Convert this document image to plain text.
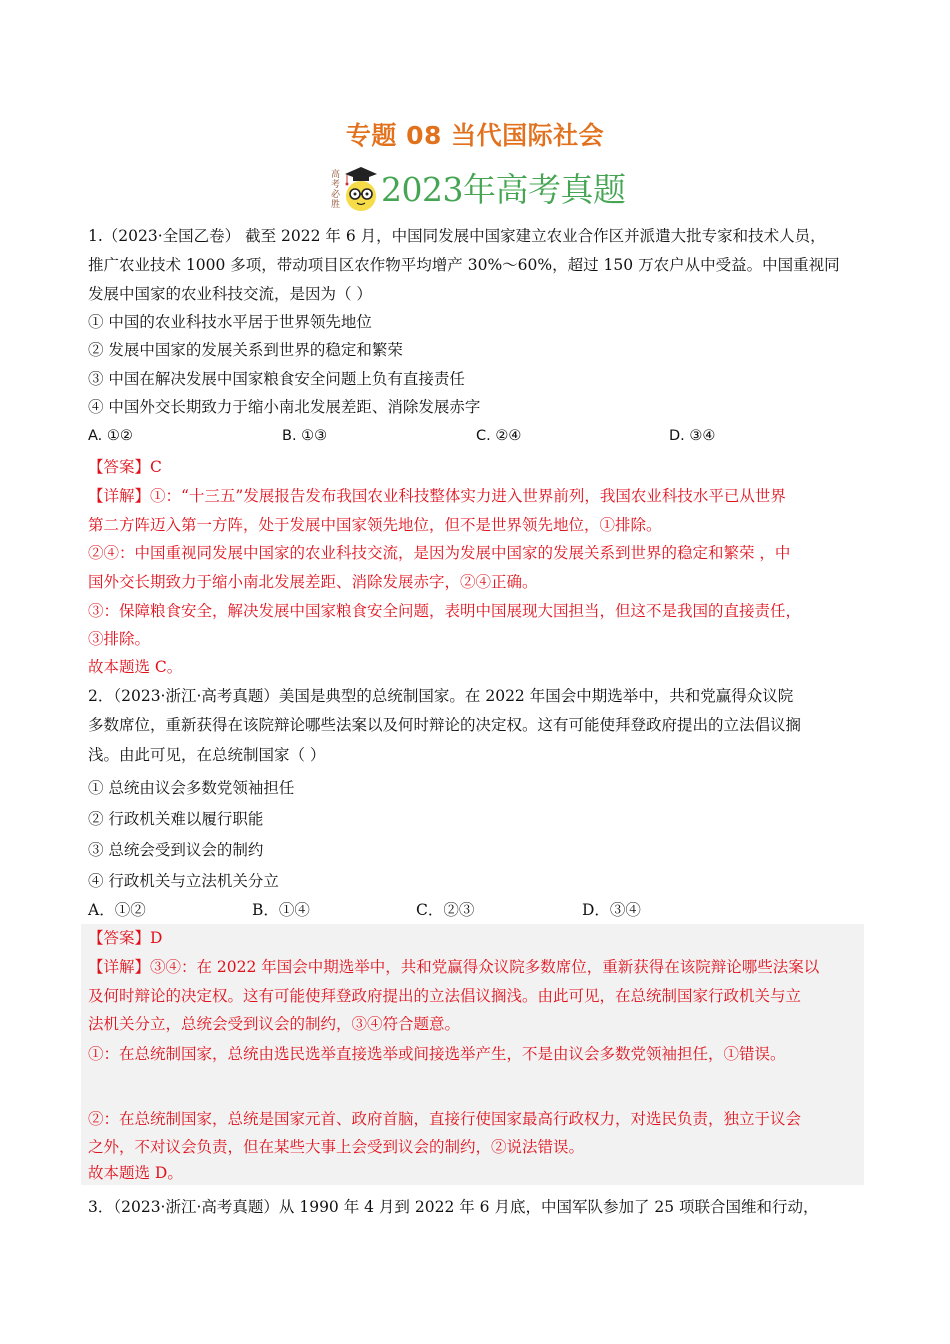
专题 08 当代国际社会
高
考
必
胜 2023年高考真题
1.（2023·全国乙卷） 截至 2022 年 6 月，中国同发展中国家建立农业合作区并派遣大批专家和技术人员，
推广农业技术 1000 多项，带动项目区农作物平均增产 30%～60%，超过 150 万农户从中受益。中国重视同
发展中国家的农业科技交流，是因为（ ）
① 中国的农业科技水平居于世界领先地位
② 发展中国家的发展关系到世界的稳定和繁荣
③ 中国在解决发展中国家粮食安全问题上负有直接责任
④ 中国外交长期致力于缩小南北发展差距、消除发展赤字
A. ①②	B. ①③	C. ②④	D. ③④
【答案】C
【详解】①：“十三五”发展报告发布我国农业科技整体实力进入世界前列，我国农业科技水平已从世界
第二方阵迈入第一方阵，处于发展中国家领先地位，但不是世界领先地位，①排除。
②④：中国重视同发展中国家的农业科技交流，是因为发展中国家的发展关系到世界的稳定和繁荣 ，中
国外交长期致力于缩小南北发展差距、消除发展赤字，②④正确。
③：保障粮食安全，解决发展中国家粮食安全问题，表明中国展现大国担当，但这不是我国的直接责任，
③排除。
故本题选 C。
2．（2023·浙江·高考真题）美国是典型的总统制国家。在 2022 年国会中期选举中，共和党赢得众议院
多数席位，重新获得在该院辩论哪些法案以及何时辩论的决定权。这有可能使拜登政府提出的立法倡议搁
浅。由此可见，在总统制国家（ ）
① 总统由议会多数党领袖担任
② 行政机关难以履行职能
③ 总统会受到议会的制约
④ 行政机关与立法机关分立
A．①②	B．①④	C．②③	D．③④
【答案】D
【详解】③④：在 2022 年国会中期选举中，共和党赢得众议院多数席位，重新获得在该院辩论哪些法案以
及何时辩论的决定权。这有可能使拜登政府提出的立法倡议搁浅。由此可见，在总统制国家行政机关与立
法机关分立，总统会受到议会的制约，③④符合题意。
①：在总统制国家，总统由选民选举直接选举或间接选举产生，不是由议会多数党领袖担任，①错误。
②：在总统制国家，总统是国家元首、政府首脑，直接行使国家最高行政权力，对选民负责，独立于议会
之外，不对议会负责，但在某些大事上会受到议会的制约，②说法错误。
故本题选 D。
3．（2023·浙江·高考真题）从 1990 年 4 月到 2022 年 6 月底，中国军队参加了 25 项联合国维和行动，
